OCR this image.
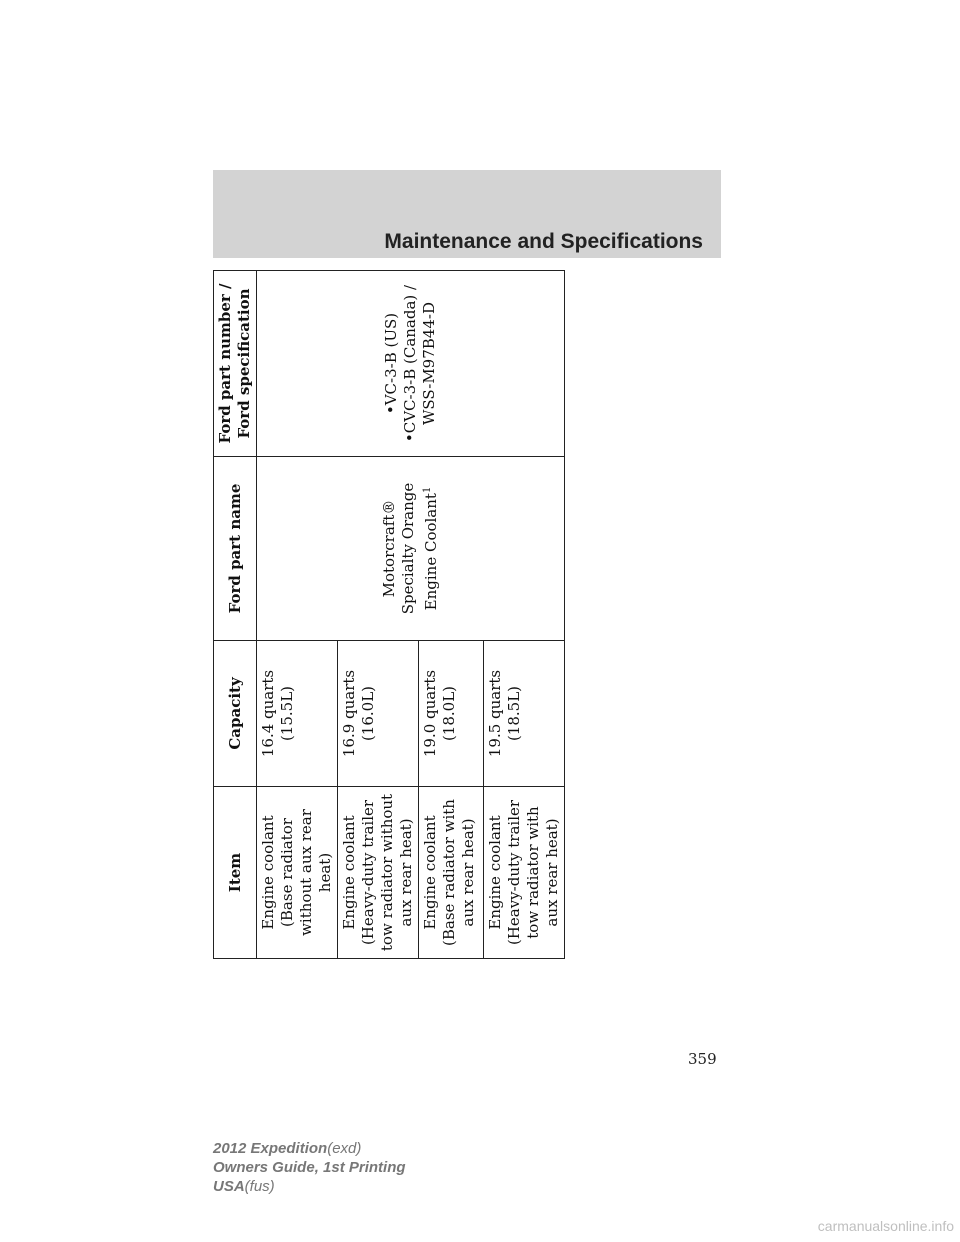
Maintenance and Specifications
Item	Capacity	Ford part name	Ford part number / Ford specification
Engine coolant (Base radiator without aux rear heat)	16.4 quarts (15.5L)	Motorcraft® Specialty Orange Engine Coolant$^1$	•VC-3-B (US) •CVC-3-B (Canada) / WSS-M97B44-D

Engine coolant (Heavy-duty trailer tow radiator without aux rear heat)	16.9 quarts (16.0L)		
Engine coolant (Base radiator with aux rear heat)	19.0 quarts (18.0L)		
Engine coolant (Heavy-duty trailer tow radiator with aux rear heat)	19.5 quarts (18.5L)		
359
2012 Expedition(exd)
Owners Guide, 1st Printing
USA(fus)
carmanualsonline.info
